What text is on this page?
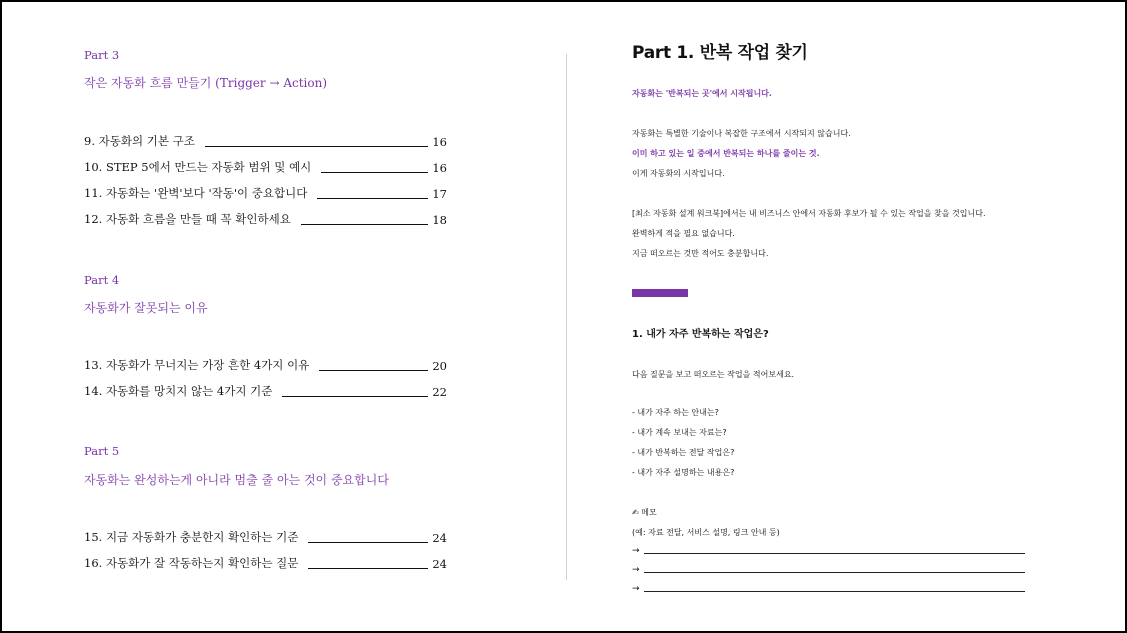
Part 3
작은 자동화 흐름 만들기 (Trigger → Action)
9. 자동화의 기본 구조	16
10. STEP 5에서 만드는 자동화 범위 및 예시	16
11. 자동화는 '완벽'보다 '작동'이 중요합니다	17
12. 자동화 흐름을 만들 때 꼭 확인하세요	18
Part 4
자동화가 잘못되는 이유
13. 자동화가 무너지는 가장 흔한 4가지 이유	20
14. 자동화를 망치지 않는 4가지 기준	22
Part 5
자동화는 완성하는게 아니라 멈출 줄 아는 것이 중요합니다
15. 지금 자동화가 충분한지 확인하는 기준	24
16. 자동화가 잘 작동하는지 확인하는 질문	24
Part 1. 반복 작업 찾기
자동화는 '반복되는 곳'에서 시작됩니다.
자동화는 특별한 기술이나 복잡한 구조에서 시작되지 않습니다.
이미 하고 있는 일 중에서 반복되는 하나를 줄이는 것.
이게 자동화의 시작입니다.
[최소 자동화 설계 워크북]에서는 내 비즈니스 안에서 자동화 후보가 될 수 있는 작업을 찾을 것입니다.
완벽하게 적을 필요 없습니다.
지금 떠오르는 것만 적어도 충분합니다.
1. 내가 자주 반복하는 작업은?
다음 질문을 보고 떠오르는 작업을 적어보세요.
- 내가 자주 하는 안내는?
- 내가 계속 보내는 자료는?
- 내가 반복하는 전달 작업은?
- 내가 자주 설명하는 내용은?
✍ 메모
(예: 자료 전달, 서비스 설명, 링크 안내 등)
→
→
→
